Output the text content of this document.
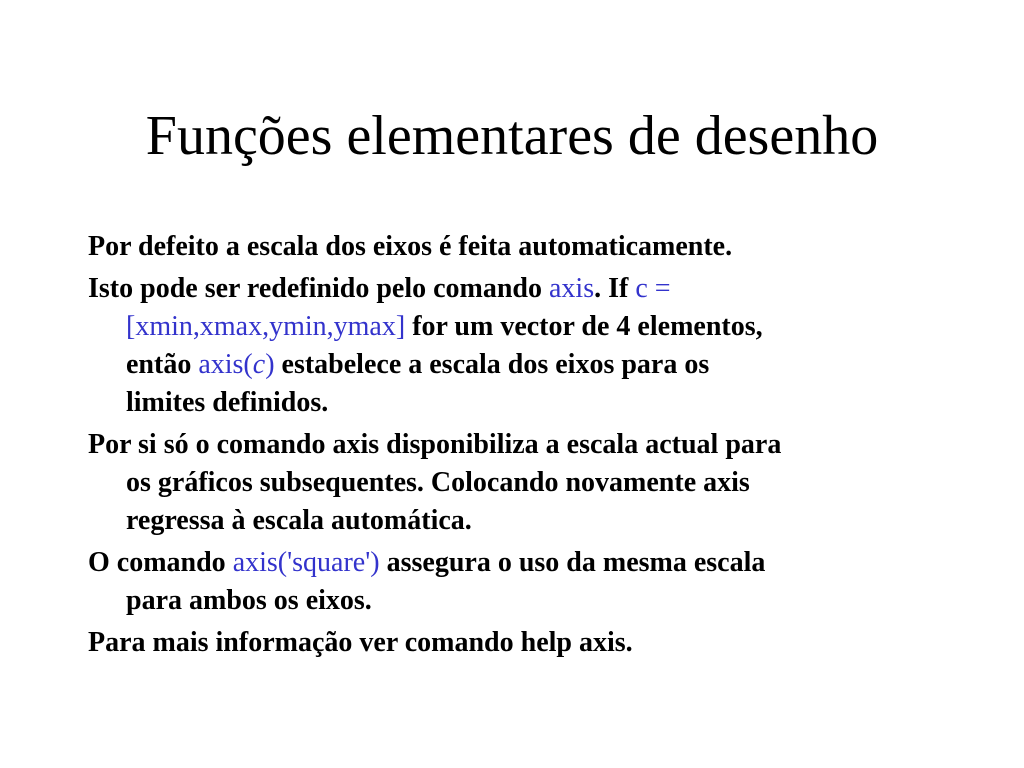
Funções elementares de desenho
Por defeito a escala dos eixos é feita automaticamente.
Isto pode ser redefinido pelo comando axis. If c =
[xmin,xmax,ymin,ymax] for um vector de 4 elementos,
então axis(c) estabelece a escala dos eixos para os
limites definidos.
Por si só o comando axis disponibiliza a escala actual para
os gráficos subsequentes. Colocando novamente axis
regressa à escala automática.
O comando axis('square') assegura o uso da mesma escala
para ambos os eixos.
Para mais informação ver comando help axis.
